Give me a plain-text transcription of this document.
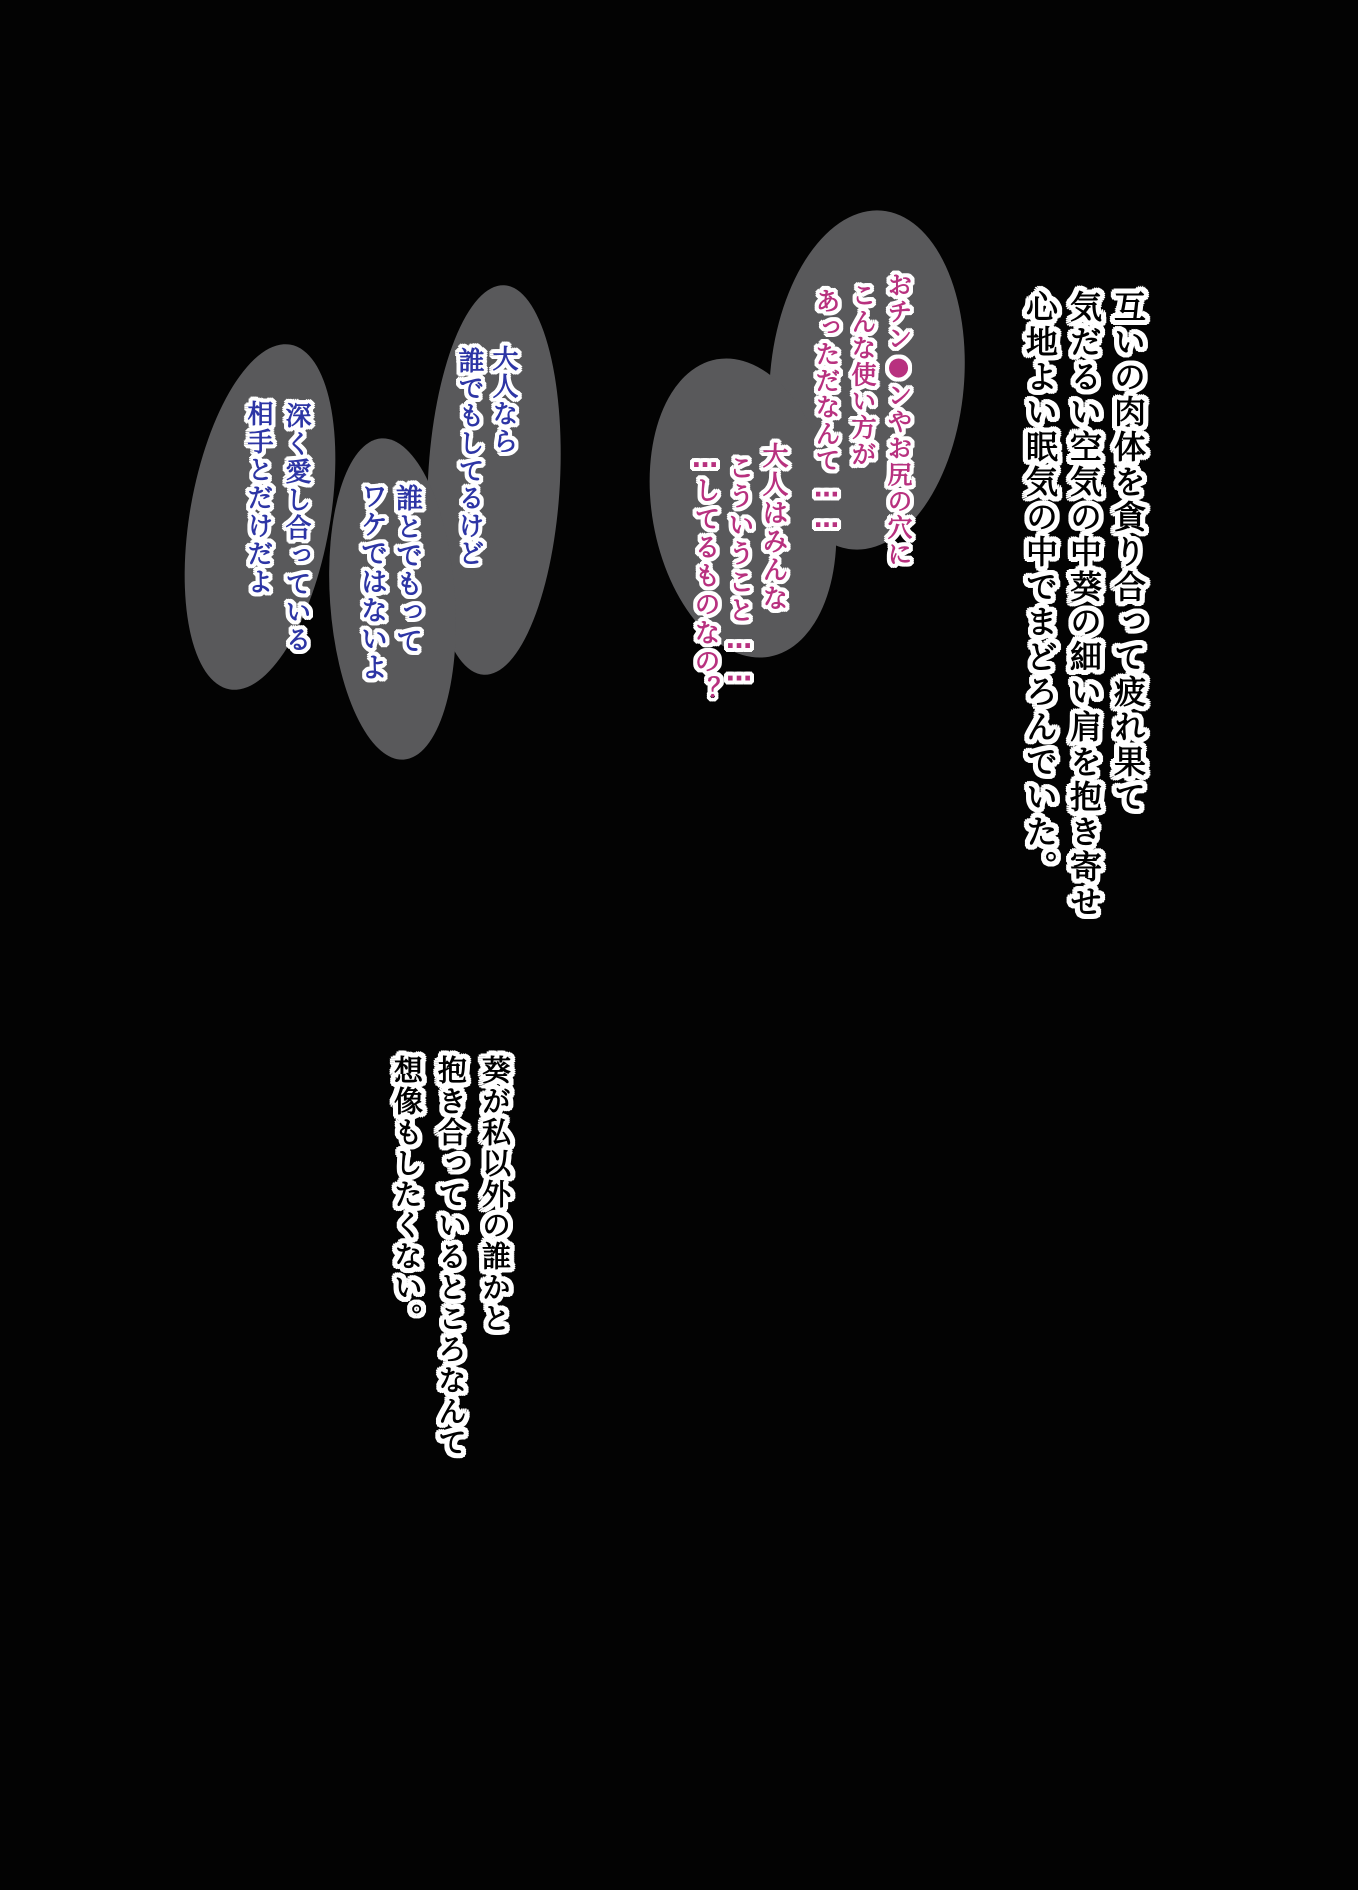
互いの肉体を貪り合って疲れ果て
気だるい空気の中葵の細い肩を抱き寄せ
心地よい眠気の中でまどろんでいた。
おチン●ンやお尻の穴に
こんな使い方が
あっただなんて……
大人はみんな
こういうこと……
…してるものなの？
大人なら
誰でもしてるけど
誰とでもって
ワケではないよ
深く愛し合っている
相手とだけだよ
葵が私以外の誰かと
抱き合っているところなんて
想像もしたくない。
